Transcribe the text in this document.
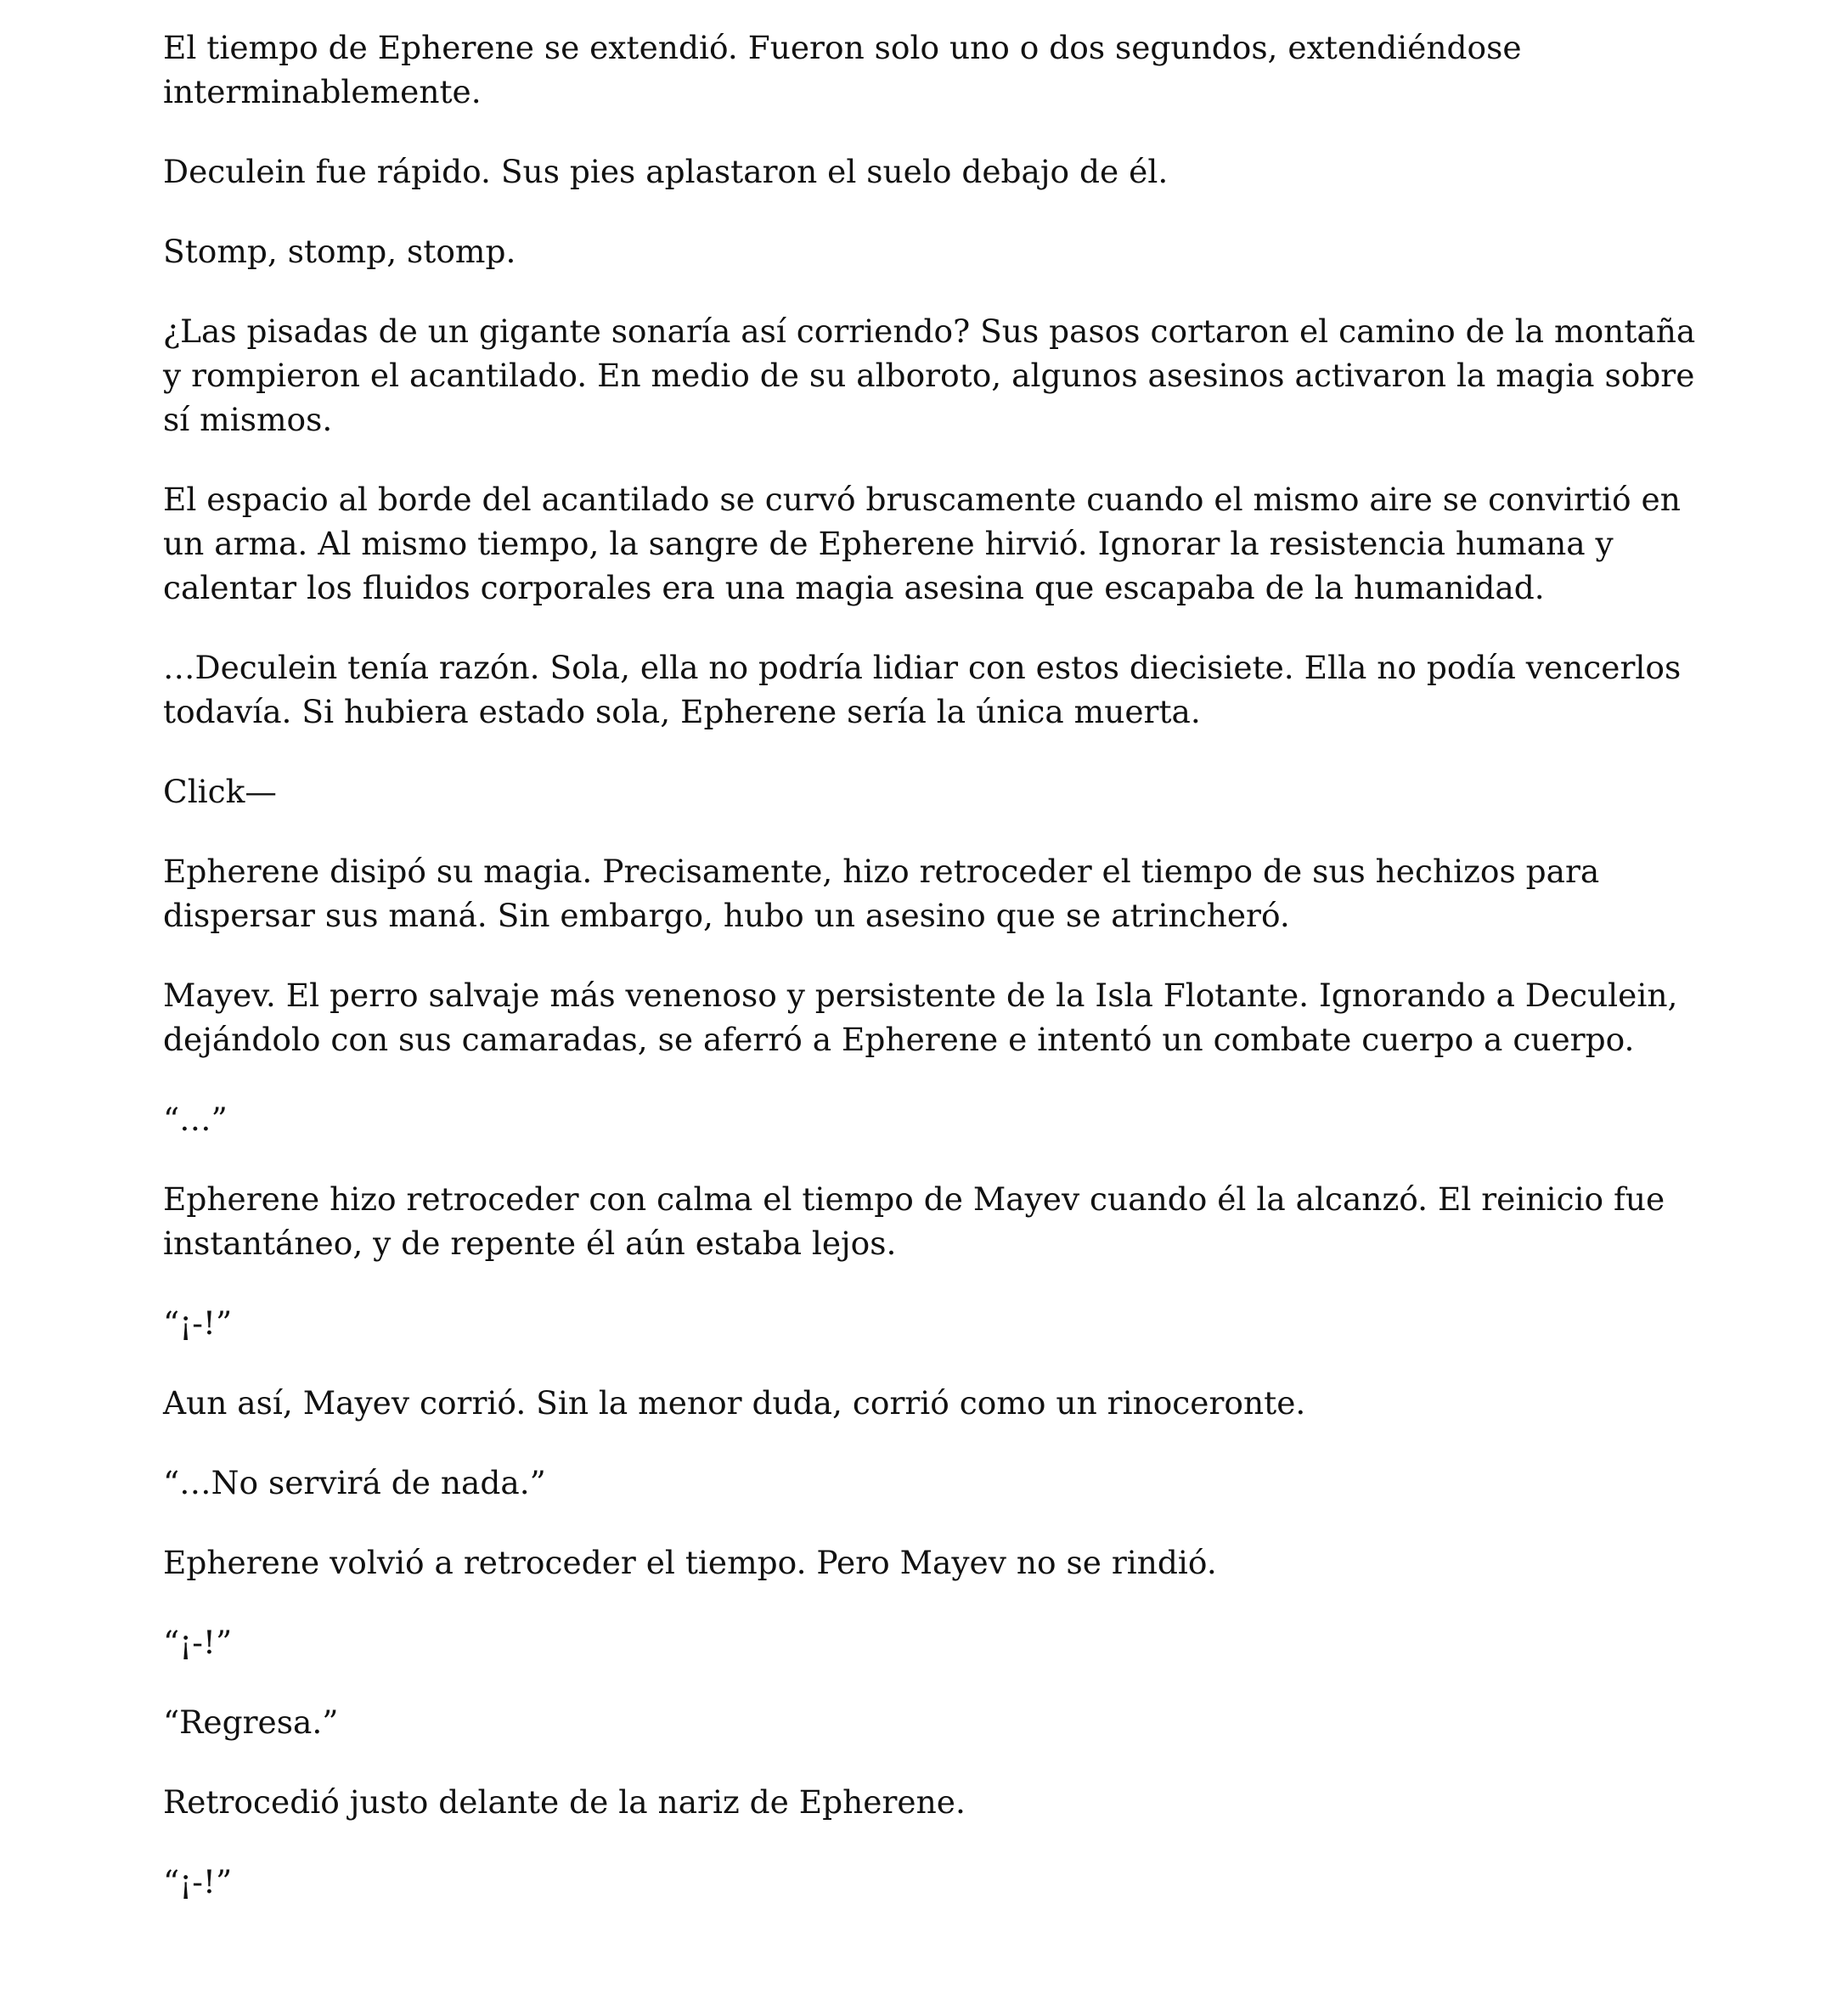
El tiempo de Epherene se extendió. Fueron solo uno o dos segundos, extendiéndose interminablemente.

Deculein fue rápido. Sus pies aplastaron el suelo debajo de él.

Stomp, stomp, stomp.

¿Las pisadas de un gigante sonaría así corriendo? Sus pasos cortaron el camino de la montaña y rompieron el acantilado. En medio de su alboroto, algunos asesinos activaron la magia sobre sí mismos.

El espacio al borde del acantilado se curvó bruscamente cuando el mismo aire se convirtió en un arma. Al mismo tiempo, la sangre de Epherene hirvió. Ignorar la resistencia humana y calentar los fluidos corporales era una magia asesina que escapaba de la humanidad.

…Deculein tenía razón. Sola, ella no podría lidiar con estos diecisiete. Ella no podía vencerlos todavía. Si hubiera estado sola, Epherene sería la única muerta.

Click—

Epherene disipó su magia. Precisamente, hizo retroceder el tiempo de sus hechizos para dispersar sus maná. Sin embargo, hubo un asesino que se atrincheró.

Mayev. El perro salvaje más venenoso y persistente de la Isla Flotante. Ignorando a Deculein, dejándolo con sus camaradas, se aferró a Epherene e intentó un combate cuerpo a cuerpo.

“…”

Epherene hizo retroceder con calma el tiempo de Mayev cuando él la alcanzó. El reinicio fue instantáneo, y de repente él aún estaba lejos.

“¡-!”

Aun así, Mayev corrió. Sin la menor duda, corrió como un rinoceronte.

“…No servirá de nada.”

Epherene volvió a retroceder el tiempo. Pero Mayev no se rindió.

“¡-!”

“Regresa.”

Retrocedió justo delante de la nariz de Epherene.

“¡-!”
